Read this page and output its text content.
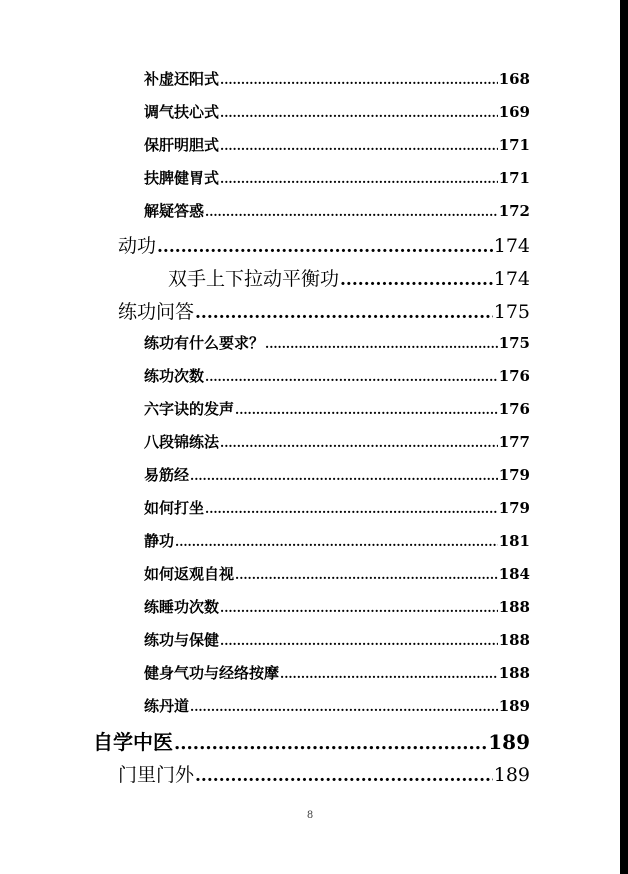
补虚还阳式 .....	168
调气扶心式 .....	169
保肝明胆式 .....	171
扶脾健胃式 .....	171
解疑答惑 .....	172
动功 .....	174
双手上下拉动平衡功 .....	174
练功问答 .....	175
练功有什么要求？ .....	175
练功次数 .....	176
六字诀的发声 .....	176
八段锦练法 .....	177
易筋经 .....	179
如何打坐 .....	179
静功 .....	181
如何返观自视 .....	184
练睡功次数 .....	188
练功与保健 .....	188
健身气功与经络按摩 .....	188
练丹道 .....	189
自学中医 .....	189
门里门外 .....	189
8
